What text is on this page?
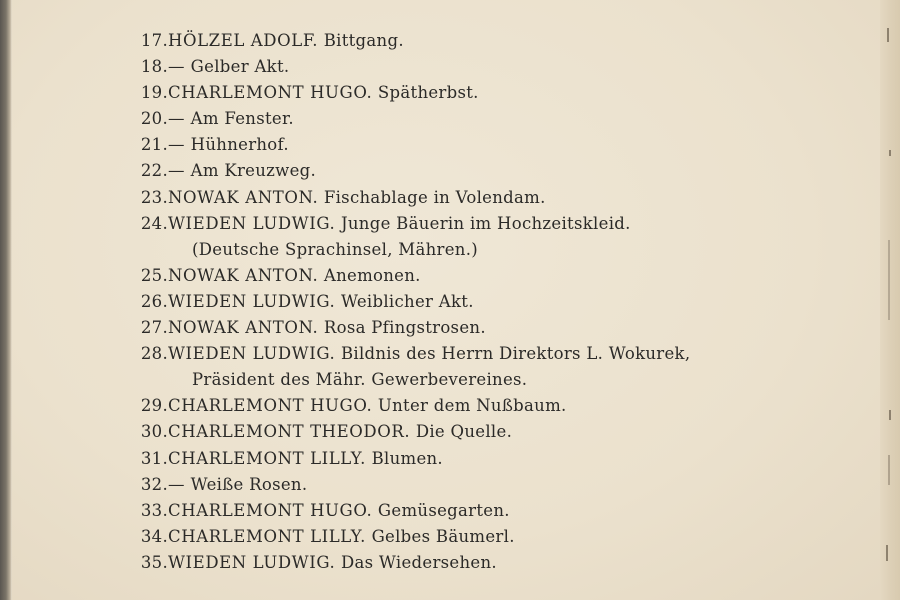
17. HÖLZEL ADOLF. Bittgang.
18. — Gelber Akt.
19. CHARLEMONT HUGO. Spätherbst.
20. — Am Fenster.
21. — Hühnerhof.
22. — Am Kreuzweg.
23. NOWAK ANTON. Fischablage in Volendam.
24. WIEDEN LUDWIG. Junge Bäuerin im Hochzeitskleid.
(Deutsche Sprachinsel, Mähren.)
25. NOWAK ANTON. Anemonen.
26. WIEDEN LUDWIG. Weiblicher Akt.
27. NOWAK ANTON. Rosa Pfingstrosen.
28. WIEDEN LUDWIG. Bildnis des Herrn Direktors L. Wokurek,
Präsident des Mähr. Gewerbevereines.
29. CHARLEMONT HUGO. Unter dem Nußbaum.
30. CHARLEMONT THEODOR. Die Quelle.
31. CHARLEMONT LILLY. Blumen.
32. — Weiße Rosen.
33. CHARLEMONT HUGO. Gemüsegarten.
34. CHARLEMONT LILLY. Gelbes Bäumerl.
35. WIEDEN LUDWIG. Das Wiedersehen.
